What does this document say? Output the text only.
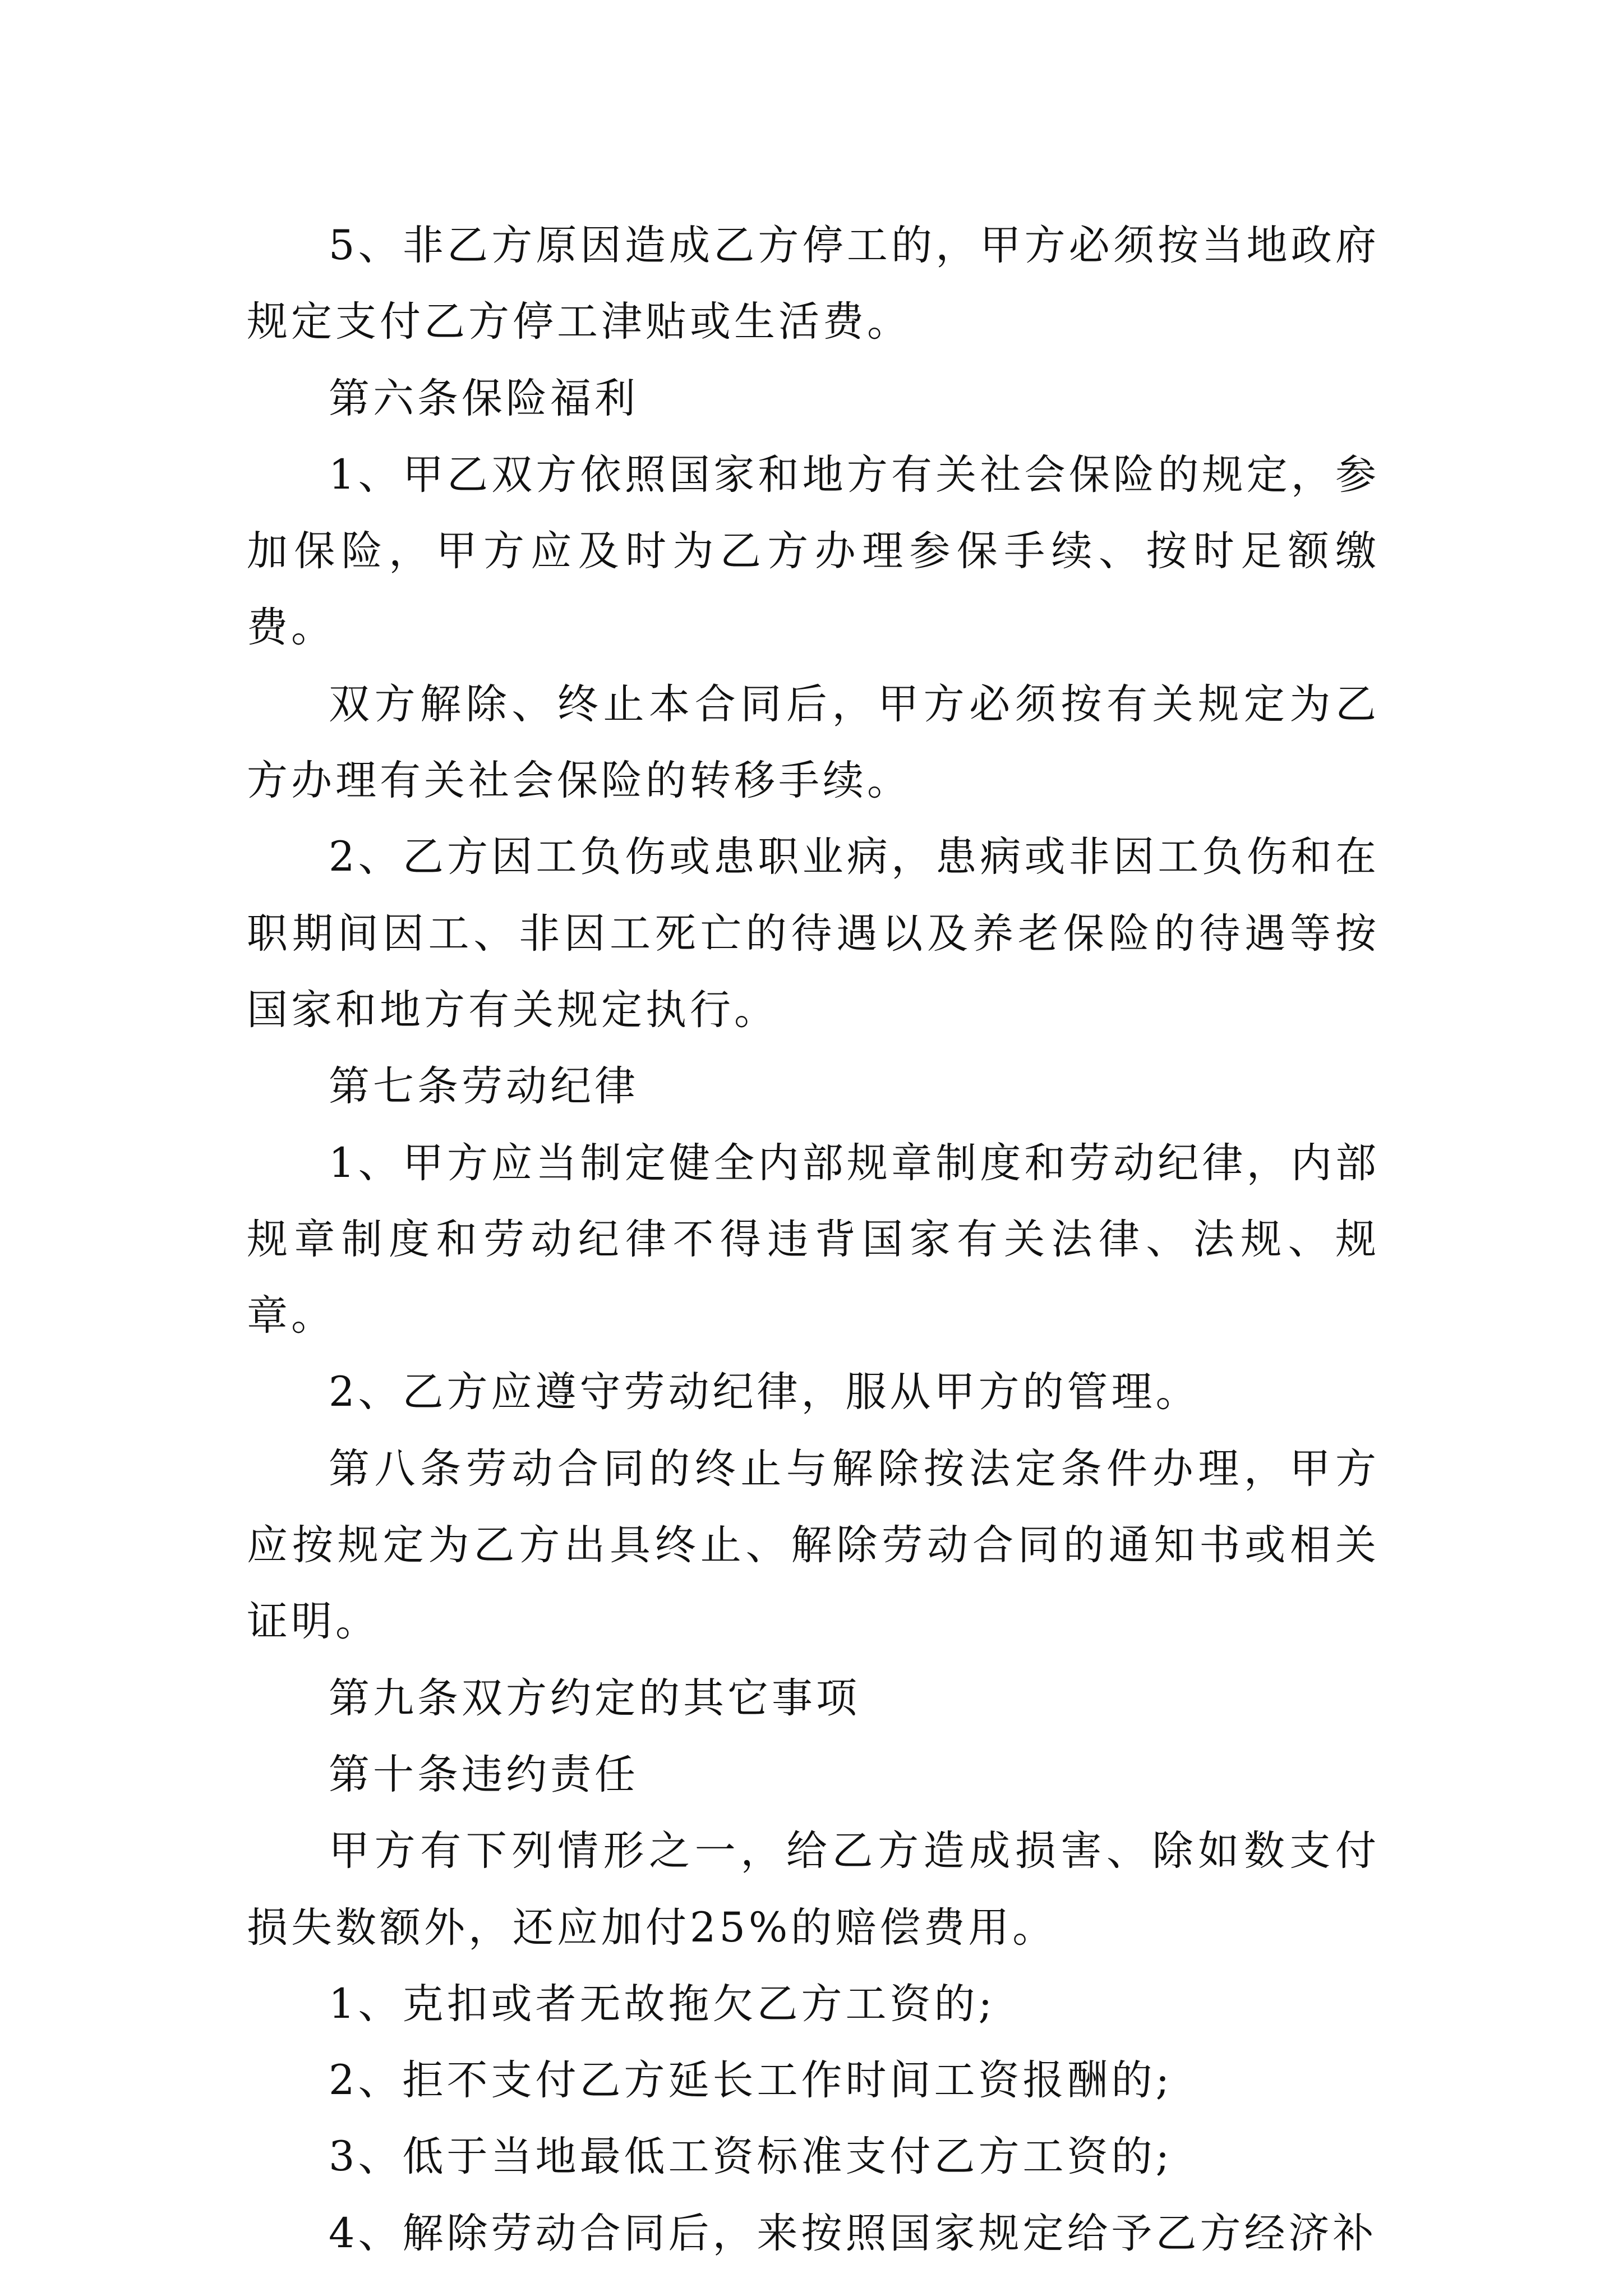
5、非乙方原因造成乙方停工的，甲方必须按当地政府规定支付乙方停工津贴或生活费。

第六条保险福利

1、甲乙双方依照国家和地方有关社会保险的规定，参加保险，甲方应及时为乙方办理参保手续、按时足额缴费。

双方解除、终止本合同后，甲方必须按有关规定为乙方办理有关社会保险的转移手续。

2、乙方因工负伤或患职业病，患病或非因工负伤和在职期间因工、非因工死亡的待遇以及养老保险的待遇等按国家和地方有关规定执行。

第七条劳动纪律

1、甲方应当制定健全内部规章制度和劳动纪律，内部规章制度和劳动纪律不得违背国家有关法律、法规、规章。

2、乙方应遵守劳动纪律，服从甲方的管理。

第八条劳动合同的终止与解除按法定条件办理，甲方应按规定为乙方出具终止、解除劳动合同的通知书或相关证明。

第九条双方约定的其它事项

第十条违约责任

甲方有下列情形之一，给乙方造成损害、除如数支付损失数额外，还应加付25%的赔偿费用。

1、克扣或者无故拖欠乙方工资的;

2、拒不支付乙方延长工作时间工资报酬的;

3、低于当地最低工资标准支付乙方工资的;

4、解除劳动合同后，来按照国家规定给予乙方经济补
